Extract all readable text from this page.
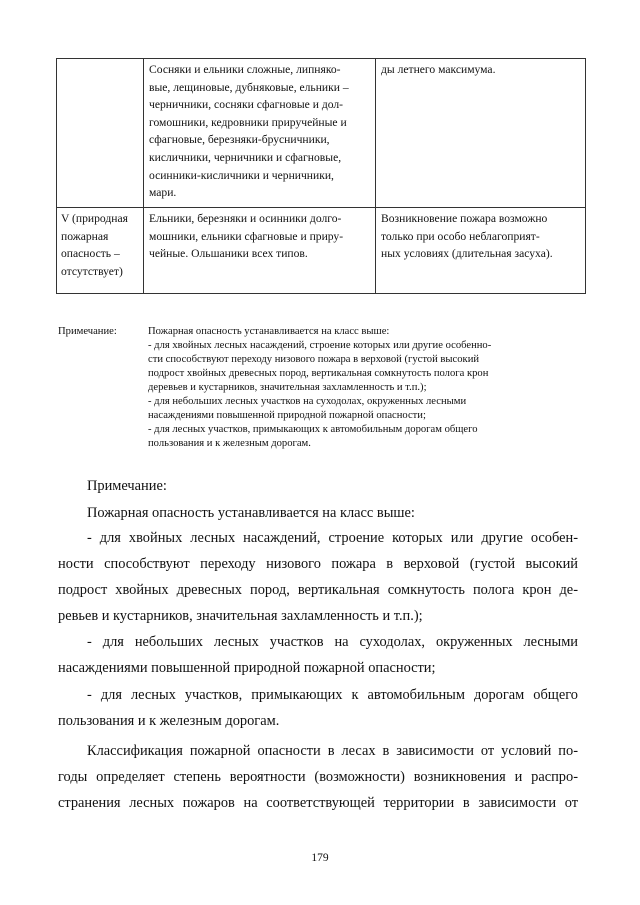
Сосняки и ельники сложные, липняко-
вые, лещиновые, дубняковые, ельники –
черничники, сосняки сфагновые и дол-
гомошники, кедровники приручейные и
сфагновые, березняки-брусничники,
кисличники, черничники и сфагновые,
осинники-кисличники и черничники,
мари.
ды летнего максимума.
V (природная
пожарная
опасность –
отсутствует)
Ельники, березняки и осинники долго-
мошники, ельники сфагновые и приру-
чейные. Ольшаники всех типов.
Возникновение пожара возможно
только при особо неблагоприят-
ных условиях (длительная засуха).
Примечание:	Пожарная опасность устанавливается на класс выше:
- для хвойных лесных насаждений, строение которых или другие особенно-
сти способствуют переходу низового пожара в верховой (густой высокий
подрост хвойных древесных пород, вертикальная сомкнутость полога крон
деревьев и кустарников, значительная захламленность и т.п.);
- для небольших лесных участков на суходолах, окруженных лесными
насаждениями повышенной природной пожарной опасности;
- для лесных участков, примыкающих к автомобильным дорогам общего
пользования и к железным дорогам.
Примечание:
Пожарная опасность устанавливается на класс выше:
- для хвойных лесных насаждений, строение которых или другие особен-
ности способствуют переходу низового пожара в верховой (густой высокий
подрост хвойных древесных пород, вертикальная сомкнутость полога крон де-
ревьев и кустарников, значительная захламленность и т.п.);
- для небольших лесных участков на суходолах, окруженных лесными
насаждениями повышенной природной пожарной опасности;
- для лесных участков, примыкающих к автомобильным дорогам общего
пользования и к железным дорогам.
Классификация пожарной опасности в лесах в зависимости от условий по-
годы определяет степень вероятности (возможности) возникновения и распро-
странения лесных пожаров на соответствующей территории в зависимости от
179
